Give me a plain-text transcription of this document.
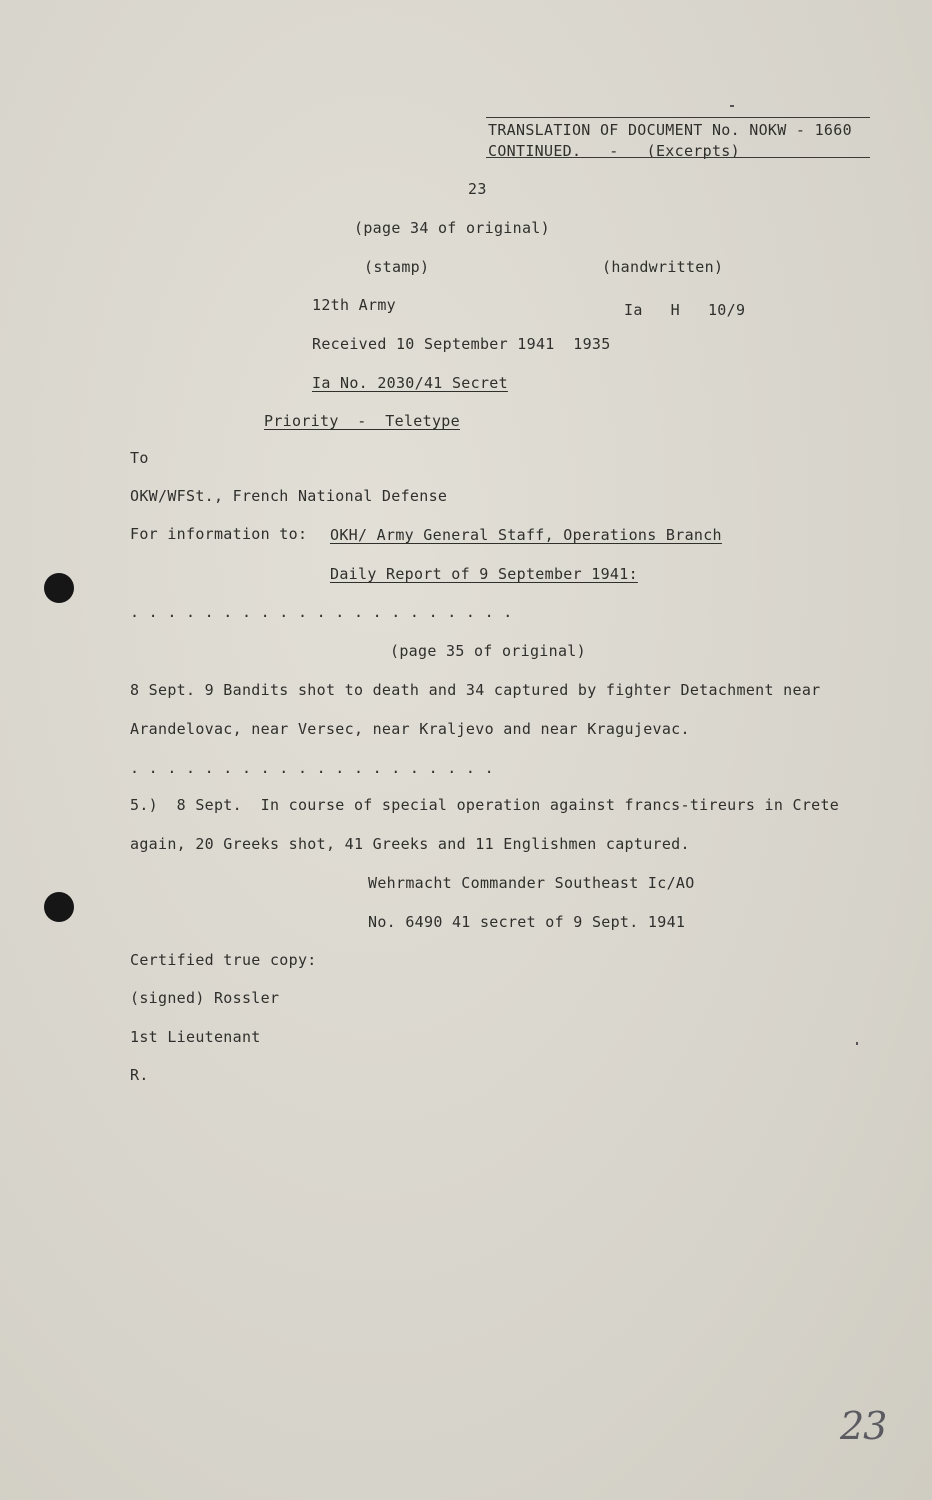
TRANSLATION OF DOCUMENT No. NOKW - 1660
CONTINUED.   -   (Excerpts)
23
(page 34 of original)
(stamp)	(handwritten)
12th Army	Ia   H   10/9
Received 10 September 1941  1935
Ia No. 2030/41 Secret
Priority  -  Teletype
To
OKW/WFSt., French National Defense
For information to: OKH/ Army General Staff, Operations Branch
Daily Report of 9 September 1941:
. . . . . . . . . . . . . . . . . . . . .
(page 35 of original)
8 Sept. 9 Bandits shot to death and 34 captured by fighter Detachment near
Arandelovac, near Versec, near Kraljevo and near Kragujevac.
. . . . . . . . . . . . . . . . . . . .
5.)  8 Sept.  In course of special operation against francs-tireurs in Crete
again, 20 Greeks shot, 41 Greeks and 11 Englishmen captured.
Wehrmacht Commander Southeast Ic/AO
No. 6490 41 secret of 9 Sept. 1941
Certified true copy:
(signed) Rossler
1st Lieutenant
R.
23
